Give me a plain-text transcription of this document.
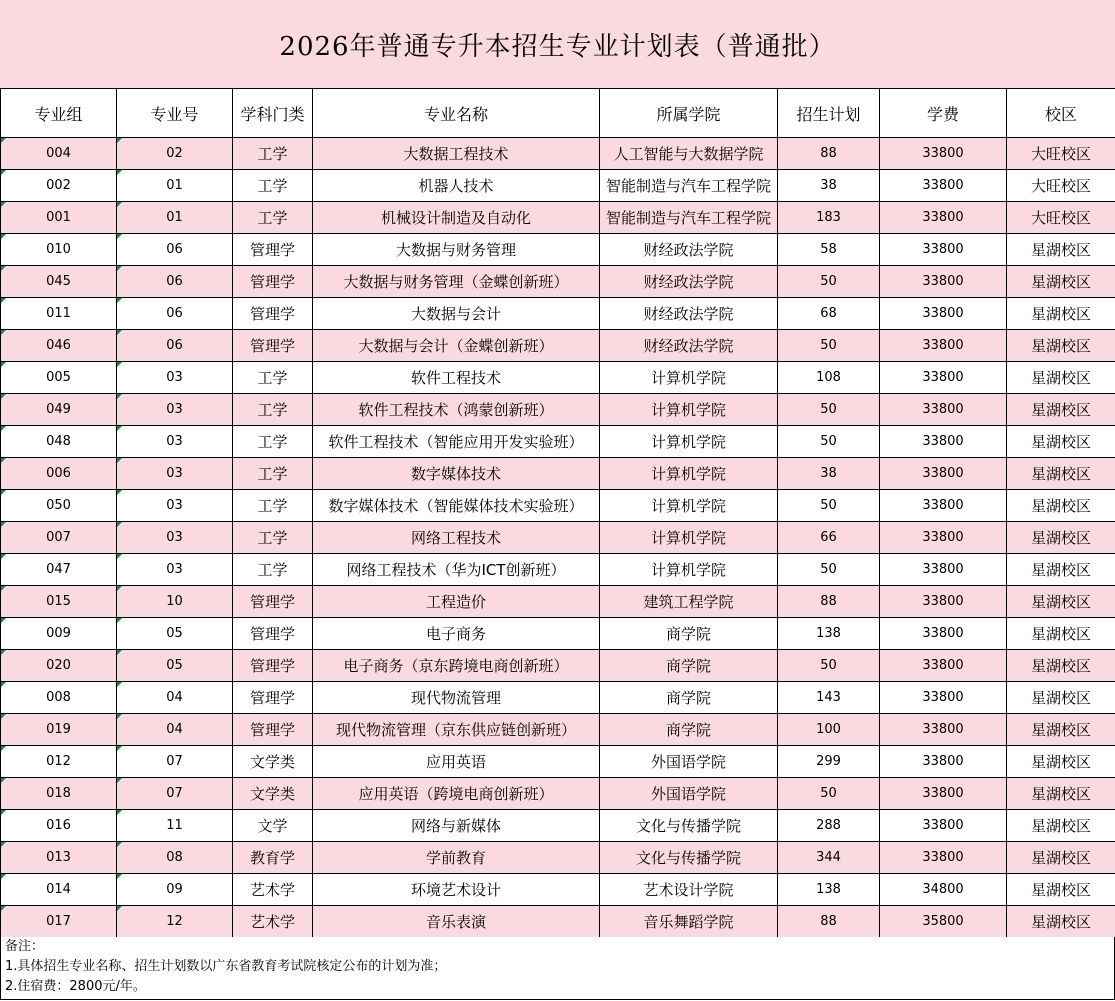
2026年普通专升本招生专业计划表（普通批）
专业组	专业号	学科门类	专业名称	所属学院	招生计划	学费	校区
004	02	工学	大数据工程技术	人工智能与大数据学院	88	33800	大旺校区
002	01	工学	机器人技术	智能制造与汽车工程学院	38	33800	大旺校区
001	01	工学	机械设计制造及自动化	智能制造与汽车工程学院	183	33800	大旺校区
010	06	管理学	大数据与财务管理	财经政法学院	58	33800	星湖校区
045	06	管理学	大数据与财务管理（金蝶创新班）	财经政法学院	50	33800	星湖校区
011	06	管理学	大数据与会计	财经政法学院	68	33800	星湖校区
046	06	管理学	大数据与会计（金蝶创新班）	财经政法学院	50	33800	星湖校区
005	03	工学	软件工程技术	计算机学院	108	33800	星湖校区
049	03	工学	软件工程技术（鸿蒙创新班）	计算机学院	50	33800	星湖校区
048	03	工学	软件工程技术（智能应用开发实验班）	计算机学院	50	33800	星湖校区
006	03	工学	数字媒体技术	计算机学院	38	33800	星湖校区
050	03	工学	数字媒体技术（智能媒体技术实验班）	计算机学院	50	33800	星湖校区
007	03	工学	网络工程技术	计算机学院	66	33800	星湖校区
047	03	工学	网络工程技术（华为ICT创新班）	计算机学院	50	33800	星湖校区
015	10	管理学	工程造价	建筑工程学院	88	33800	星湖校区
009	05	管理学	电子商务	商学院	138	33800	星湖校区
020	05	管理学	电子商务（京东跨境电商创新班）	商学院	50	33800	星湖校区
008	04	管理学	现代物流管理	商学院	143	33800	星湖校区
019	04	管理学	现代物流管理（京东供应链创新班）	商学院	100	33800	星湖校区
012	07	文学类	应用英语	外国语学院	299	33800	星湖校区
018	07	文学类	应用英语（跨境电商创新班）	外国语学院	50	33800	星湖校区
016	11	文学	网络与新媒体	文化与传播学院	288	33800	星湖校区
013	08	教育学	学前教育	文化与传播学院	344	33800	星湖校区
014	09	艺术学	环境艺术设计	艺术设计学院	138	34800	星湖校区
017	12	艺术学	音乐表演	音乐舞蹈学院	88	35800	星湖校区
备注：
1.具体招生专业名称、招生计划数以广东省教育考试院核定公布的计划为准；
2.住宿费：2800元/年。
